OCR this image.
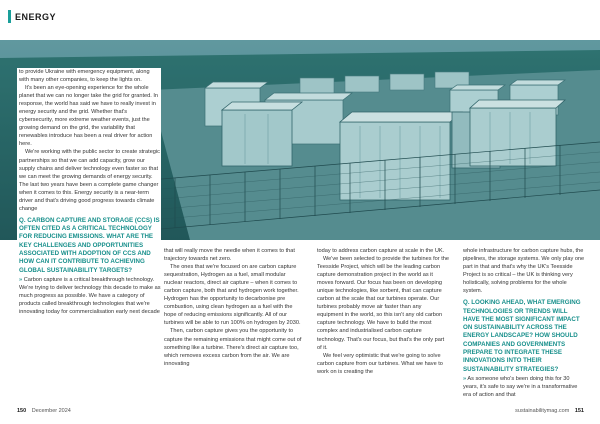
ENERGY

to provide Ukraine with emergency equipment, along with many other companies, to keep the lights on.

It's been an eye-opening experience for the whole planet that we can no longer take the grid for granted. In response, the world has said we have to really invest in energy security and the grid. Whether that's cybersecurity, more extreme weather events, just the growing demand on the grid, the variability that renewables introduce has been a real driver for action here.

We're working with the public sector to create strategic partnerships so that we can add capacity, grow our supply chains and deliver technology even faster so that we can meet the growing demands of energy security. The last two years have been a complete game changer when it comes to this. Energy security is a near-term driver and that's driving good progress towards climate change

Q. CARBON CAPTURE AND STORAGE (CCS) IS OFTEN CITED AS A CRITICAL TECHNOLOGY FOR REDUCING EMISSIONS. WHAT ARE THE KEY CHALLENGES AND OPPORTUNITIES ASSOCIATED WITH ADOPTION OF CCS AND HOW CAN IT CONTRIBUTE TO ACHIEVING GLOBAL SUSTAINABILITY TARGETS?

» Carbon capture is a critical breakthrough technology. We're trying to deliver technology this decade to make as much progress as possible. We have a category of products called breakthrough technologies that we're innovating today for commercialisation early next decade

that will really move the needle when it comes to that trajectory towards net zero.

The ones that we're focused on are carbon capture sequestration, Hydrogen as a fuel, small modular nuclear reactors, direct air capture – when it comes to carbon capture, both that and hydrogen work together. Hydrogen has the opportunity to decarbonise pre combustion, using clean hydrogen as a fuel with the hope of reducing emissions significantly. All of our turbines will be able to run 100% on hydrogen by 2030.

Then, carbon capture gives you the opportunity to capture the remaining emissions that might come out of something like a turbine. There's direct air capture too, which removes excess carbon from the air. We are innovating

today to address carbon capture at scale in the UK.

We've been selected to provide the turbines for the Teesside Project, which will be the leading carbon capture demonstration project in the world as it moves forward. Our focus has been on developing unique technologies, like sorbent, that can capture carbon at the scale that our turbines operate. Our turbines probably move air faster than any equipment in the world, so this isn't any old carbon capture technology. We have to build the most complex and industrialised carbon capture technology. That's our focus, but that's the only part of it.

We feel very optimistic that we're going to solve carbon capture from our turbines. What we have to work on is creating the

whole infrastructure for carbon capture hubs, the pipelines, the storage systems. We only play one part in that and that's why the UK's Teesside Project is so critical – the UK is thinking very holistically, solving problems for the whole system.

Q. LOOKING AHEAD, WHAT EMERGING TECHNOLOGIES OR TRENDS WILL HAVE THE MOST SIGNIFICANT IMPACT ON SUSTAINABILITY ACROSS THE ENERGY LANDSCAPE? HOW SHOULD COMPANIES AND GOVERNMENTS PREPARE TO INTEGRATE THESE INNOVATIONS INTO THEIR SUSTAINABILITY STRATEGIES?

» As someone who's been doing this for 30 years, it's safe to say we're in a transformative era of action and that

150 December 2024	sustainabilitymag.com 151
